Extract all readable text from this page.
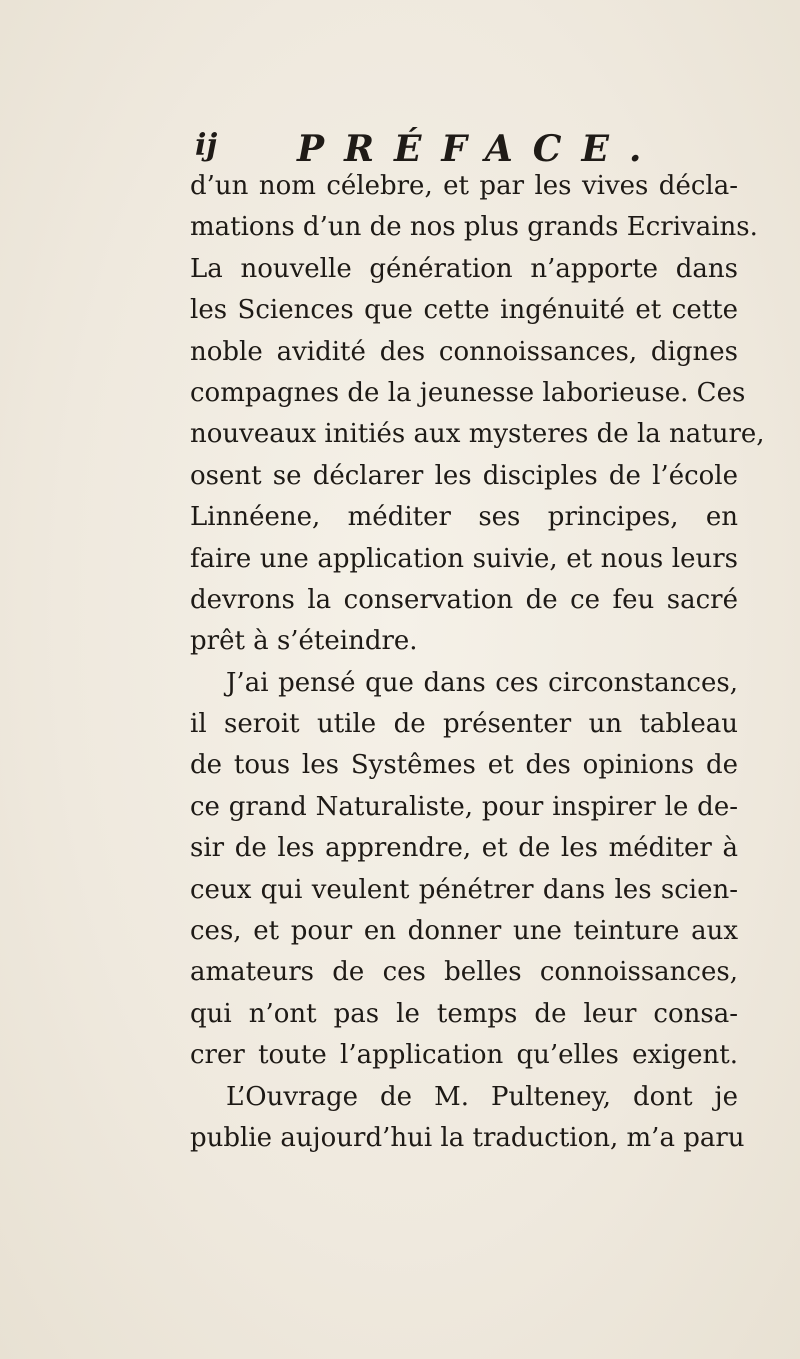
ij PRÉFACE.
d’un nom célebre, et par les vives décla-
mations d’un de nos plus grands Ecrivains.
La nouvelle génération n’apporte dans
les Sciences que cette ingénuité et cette
noble avidité des connoissances, dignes
compagnes de la jeunesse laborieuse. Ces
nouveaux initiés aux mysteres de la nature,
osent se déclarer les disciples de l’école
Linnéene, méditer ses principes, en
faire une application suivie, et nous leurs
devrons la conservation de ce feu sacré
prêt à s’éteindre.
J’ai pensé que dans ces circonstances,
il seroit utile de présenter un tableau
de tous les Systêmes et des opinions de
ce grand Naturaliste, pour inspirer le de-
sir de les apprendre, et de les méditer à
ceux qui veulent pénétrer dans les scien-
ces, et pour en donner une teinture aux
amateurs de ces belles connoissances,
qui n’ont pas le temps de leur consa-
crer toute l’application qu’elles exigent.
L’Ouvrage de M. Pulteney, dont je
publie aujourd’hui la traduction, m’a paru
